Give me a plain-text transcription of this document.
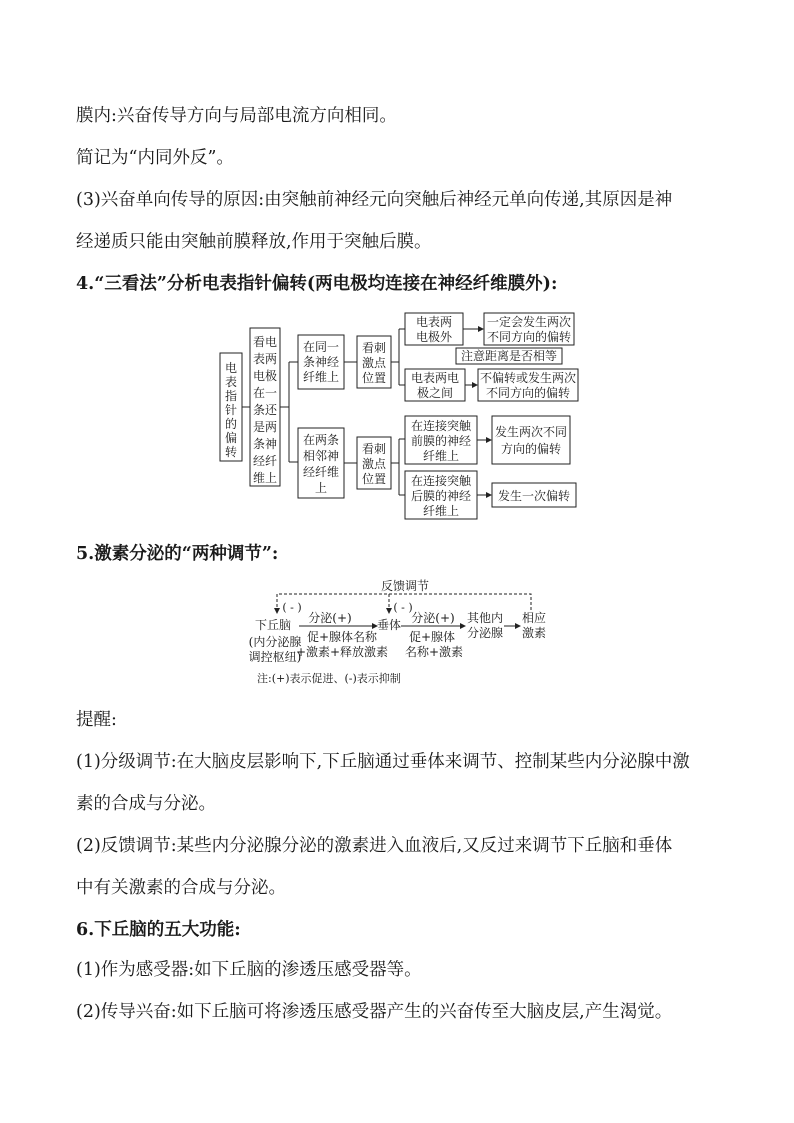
膜内:兴奋传导方向与局部电流方向相同。
简记为“内同外反”。
(3)兴奋单向传导的原因:由突触前神经元向突触后神经元单向传递,其原因是神
经递质只能由突触前膜释放,作用于突触后膜。
4.“三看法”分析电表指针偏转(两电极均连接在神经纤维膜外):
电
表
指
针
的
偏
转
看电
表两
电极
在一
条还
是两
条神
经纤
维上
在同一
条神经
纤维上
在两条
相邻神
经纤维
上
看刺
激点
位置
看刺
激点
位置
电表两
电极外
电表两电
极之间
一定会发生两次
不同方向的偏转
注意距离是否相等
不偏转或发生两次
不同方向的偏转
在连接突触
前膜的神经
纤维上
在连接突触
后膜的神经
纤维上
发生两次不同
方向的偏转
发生一次偏转
反馈调节
( - )	( - )
下丘脑
(内分泌腺
调控枢纽)
分泌(+)
促+腺体名称
+激素+释放激素
垂体 分泌(+)
促+腺体
名称+激素
其他内
分泌腺
相应
激素
注:(+)表示促进、(-)表示抑制
5.激素分泌的“两种调节”:
提醒:
(1)分级调节:在大脑皮层影响下,下丘脑通过垂体来调节、控制某些内分泌腺中激
素的合成与分泌。
(2)反馈调节:某些内分泌腺分泌的激素进入血液后,又反过来调节下丘脑和垂体
中有关激素的合成与分泌。
6.下丘脑的五大功能:
(1)作为感受器:如下丘脑的渗透压感受器等。
(2)传导兴奋:如下丘脑可将渗透压感受器产生的兴奋传至大脑皮层,产生渴觉。
